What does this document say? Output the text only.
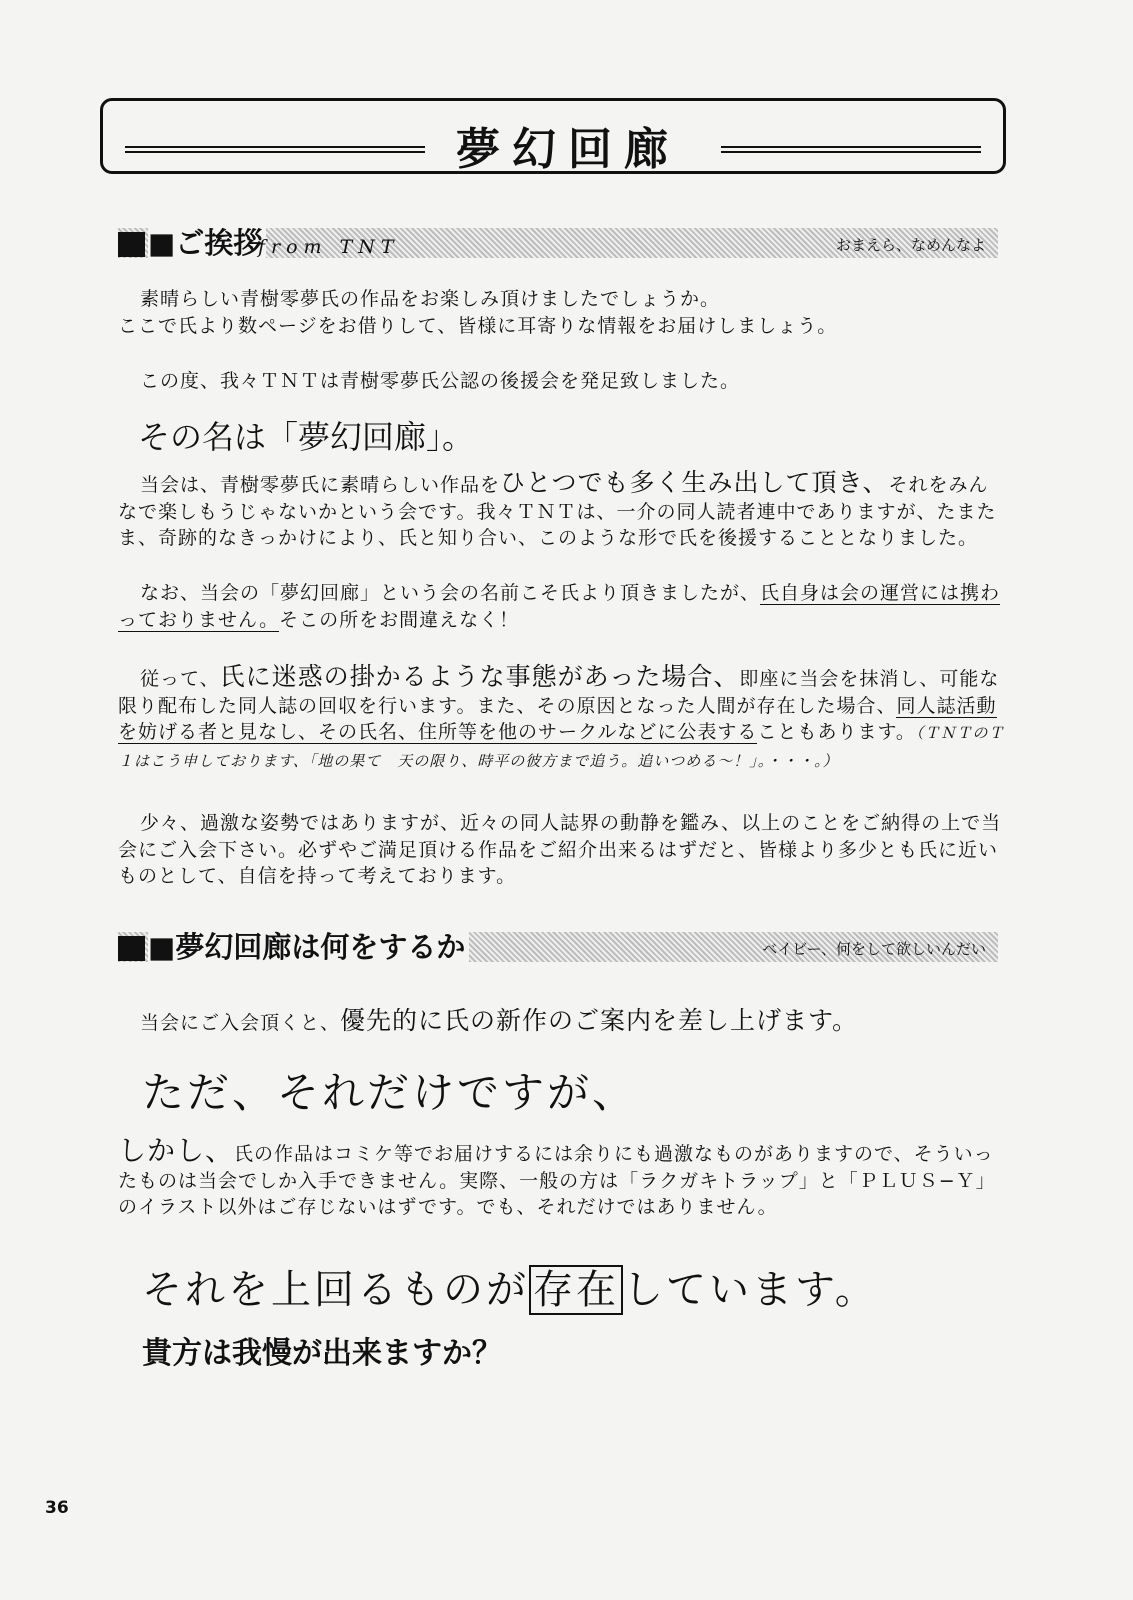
夢幻回廊
■ご挨拶
from TNT	おまえら、なめんなよ
素晴らしい青樹零夢氏の作品をお楽しみ頂けましたでしょうか。
ここで氏より数ページをお借りして、皆様に耳寄りな情報をお届けしましょう。
この度、我々ＴＮＴは青樹零夢氏公認の後援会を発足致しました。
その名は「夢幻回廊」。
当会は、青樹零夢氏に素晴らしい作品をひとつでも多く生み出して頂き、それをみんなで楽しもうじゃないかという会です。我々ＴＮＴは、一介の同人読者連中でありますが、たまたま、奇跡的なきっかけにより、氏と知り合い、このような形で氏を後援することとなりました。
なお、当会の「夢幻回廊」という会の名前こそ氏より頂きましたが、氏自身は会の運営には携わっておりません。そこの所をお間違えなく！
従って、氏に迷惑の掛かるような事態があった場合、即座に当会を抹消し、可能な限り配布した同人誌の回収を行います。また、その原因となった人間が存在した場合、同人誌活動を妨げる者と見なし、その氏名、住所等を他のサークルなどに公表することもあります。（ＴＮＴのＴ１はこう申しております、「地の果て　天の限り、時平の彼方まで追う。追いつめる〜！」。・・・。）
少々、過激な姿勢ではありますが、近々の同人誌界の動静を鑑み、以上のことをご納得の上で当会にご入会下さい。必ずやご満足頂ける作品をご紹介出来るはずだと、皆様より多少とも氏に近いものとして、自信を持って考えております。
■夢幻回廊は何をするか	ベイビー、何をして欲しいんだい
当会にご入会頂くと、優先的に氏の新作のご案内を差し上げます。
ただ、それだけですが、
しかし、氏の作品はコミケ等でお届けするには余りにも過激なものがありますので、そういったものは当会でしか入手できません。実際、一般の方は「ラクガキトラップ」と「ＰＬＵＳ−Ｙ」のイラスト以外はご存じないはずです。でも、それだけではありません。
それを上回るものが 存在 しています。
貴方は我慢が出来ますか？
36
